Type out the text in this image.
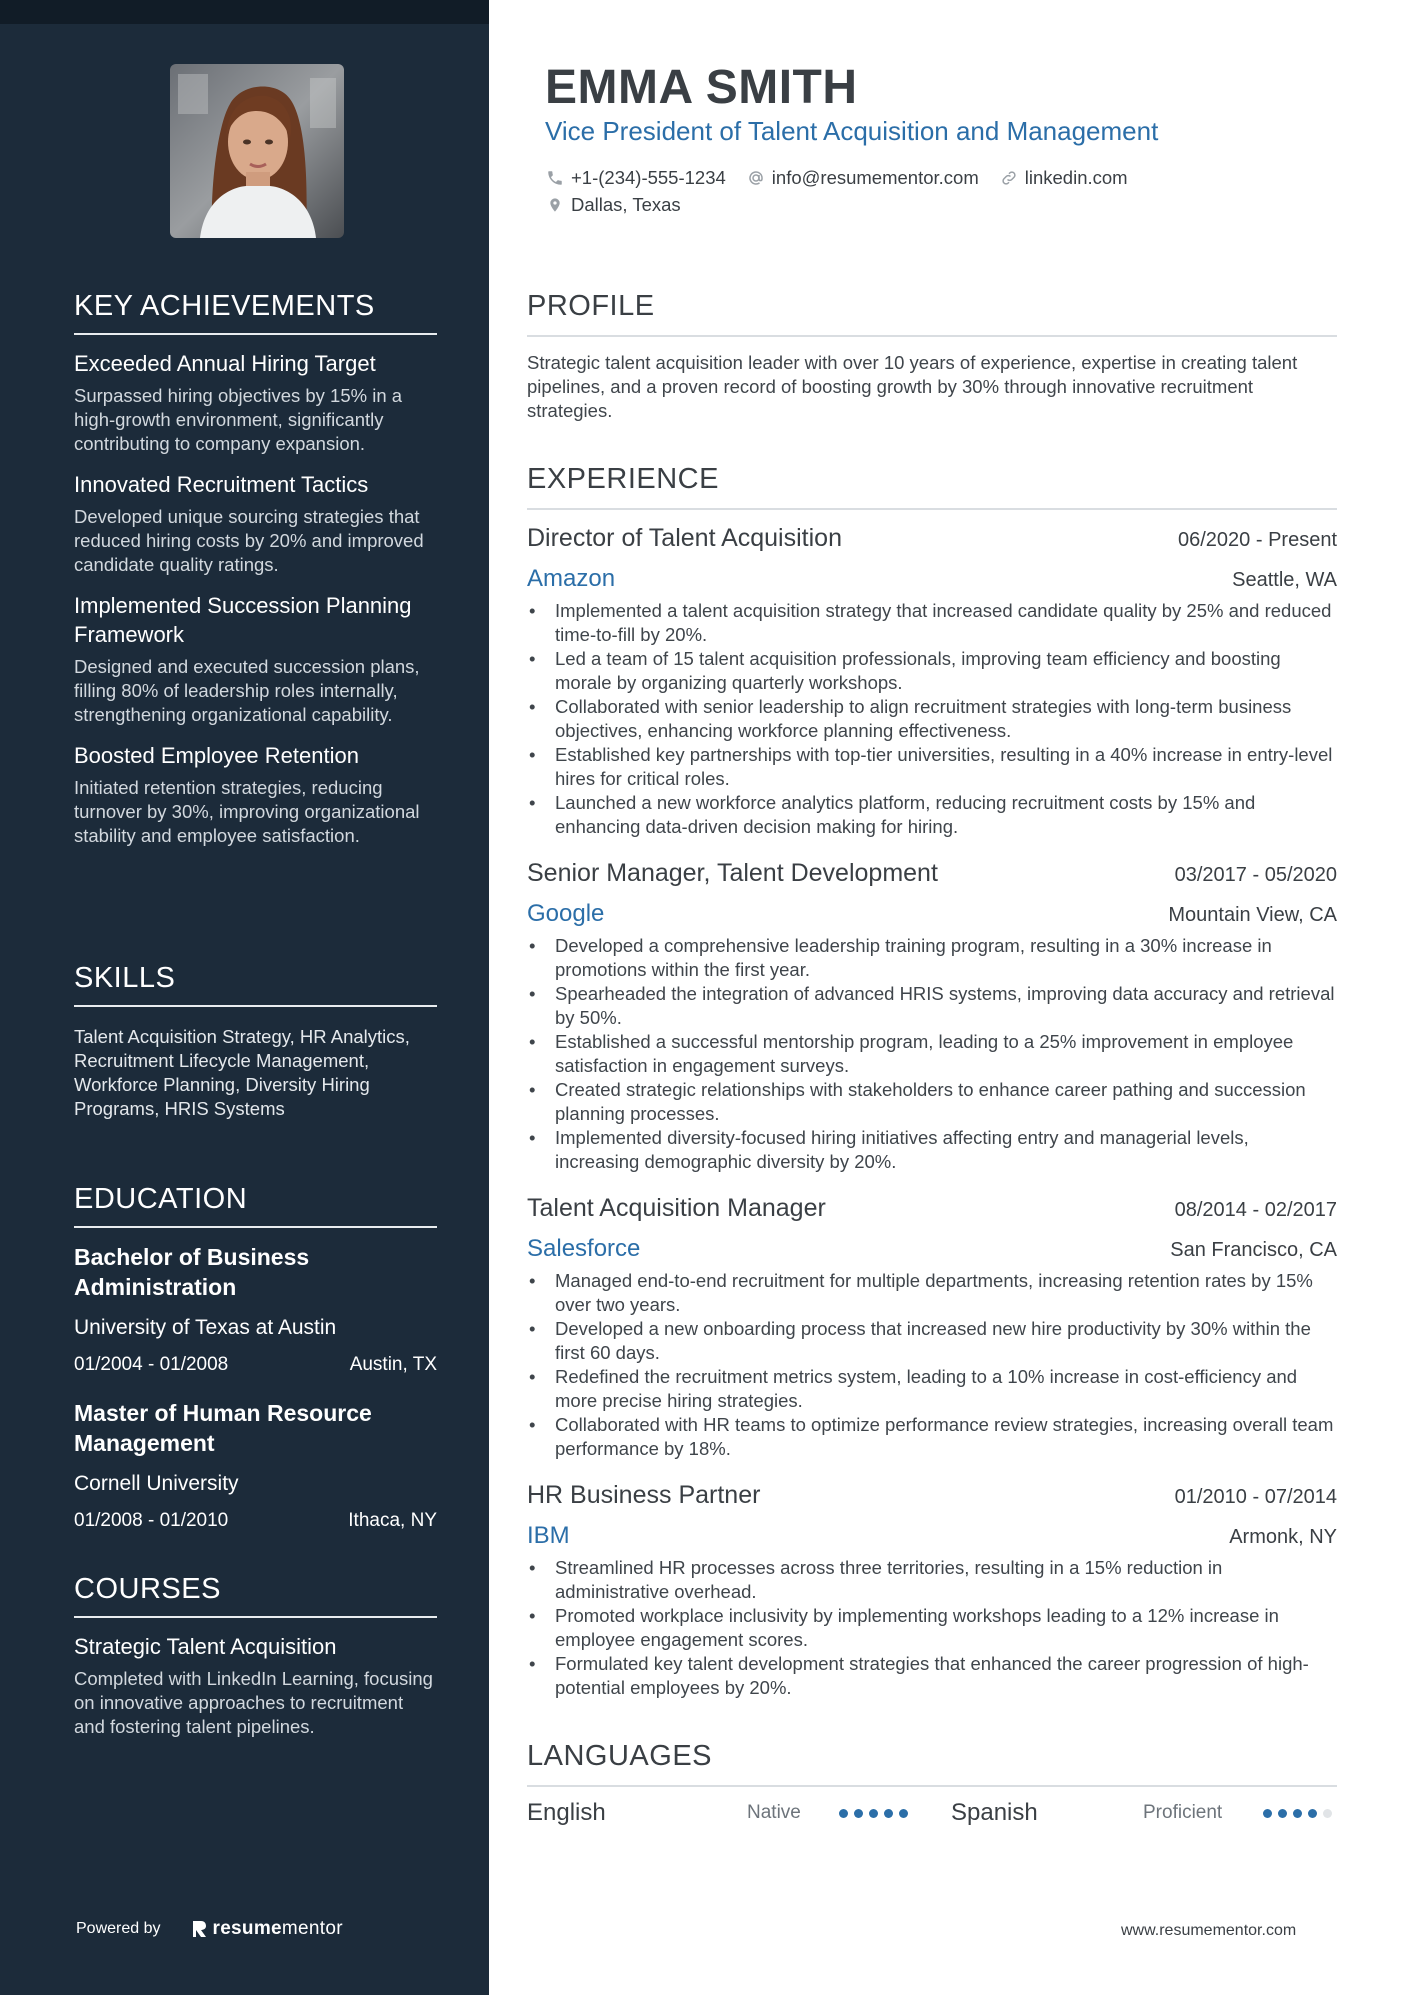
KEY ACHIEVEMENTS
Exceeded Annual Hiring Target
Surpassed hiring objectives by 15% in a high-growth environment, significantly contributing to company expansion.
Innovated Recruitment Tactics
Developed unique sourcing strategies that reduced hiring costs by 20% and improved candidate quality ratings.
Implemented Succession Planning Framework
Designed and executed succession plans, filling 80% of leadership roles internally, strengthening organizational capability.
Boosted Employee Retention
Initiated retention strategies, reducing turnover by 30%, improving organizational stability and employee satisfaction.
SKILLS
Talent Acquisition Strategy, HR Analytics, Recruitment Lifecycle Management, Workforce Planning, Diversity Hiring Programs, HRIS Systems
EDUCATION
Bachelor of Business Administration
University of Texas at Austin
01/2004 - 01/2008	Austin, TX
Master of Human Resource Management
Cornell University
01/2008 - 01/2010	Ithaca, NY
COURSES
Strategic Talent Acquisition
Completed with LinkedIn Learning, focusing on innovative approaches to recruitment and fostering talent pipelines.
Powered by	resumementor
EMMA SMITH
Vice President of Talent Acquisition and Management
+1-(234)-555-1234 info@resumementor.com linkedin.com
Dallas, Texas
PROFILE
Strategic talent acquisition leader with over 10 years of experience, expertise in creating talent pipelines, and a proven record of boosting growth by 30% through innovative recruitment strategies.
EXPERIENCE
Director of Talent Acquisition	06/2020 - Present
Amazon	Seattle, WA
• Implemented a talent acquisition strategy that increased candidate quality by 25% and reduced time-to-fill by 20%.
• Led a team of 15 talent acquisition professionals, improving team efficiency and boosting morale by organizing quarterly workshops.
• Collaborated with senior leadership to align recruitment strategies with long-term business objectives, enhancing workforce planning effectiveness.
• Established key partnerships with top-tier universities, resulting in a 40% increase in entry-level hires for critical roles.
• Launched a new workforce analytics platform, reducing recruitment costs by 15% and enhancing data-driven decision making for hiring.
Senior Manager, Talent Development	03/2017 - 05/2020
Google	Mountain View, CA
• Developed a comprehensive leadership training program, resulting in a 30% increase in promotions within the first year.
• Spearheaded the integration of advanced HRIS systems, improving data accuracy and retrieval by 50%.
• Established a successful mentorship program, leading to a 25% improvement in employee satisfaction in engagement surveys.
• Created strategic relationships with stakeholders to enhance career pathing and succession planning processes.
• Implemented diversity-focused hiring initiatives affecting entry and managerial levels, increasing demographic diversity by 20%.
Talent Acquisition Manager	08/2014 - 02/2017
Salesforce	San Francisco, CA
• Managed end-to-end recruitment for multiple departments, increasing retention rates by 15% over two years.
• Developed a new onboarding process that increased new hire productivity by 30% within the first 60 days.
• Redefined the recruitment metrics system, leading to a 10% increase in cost-efficiency and more precise hiring strategies.
• Collaborated with HR teams to optimize performance review strategies, increasing overall team performance by 18%.
HR Business Partner	01/2010 - 07/2014
IBM	Armonk, NY
• Streamlined HR processes across three territories, resulting in a 15% reduction in administrative overhead.
• Promoted workplace inclusivity by implementing workshops leading to a 12% increase in employee engagement scores.
• Formulated key talent development strategies that enhanced the career progression of high-potential employees by 20%.
LANGUAGES
English	Native	Spanish	Proficient
www.resumementor.com
